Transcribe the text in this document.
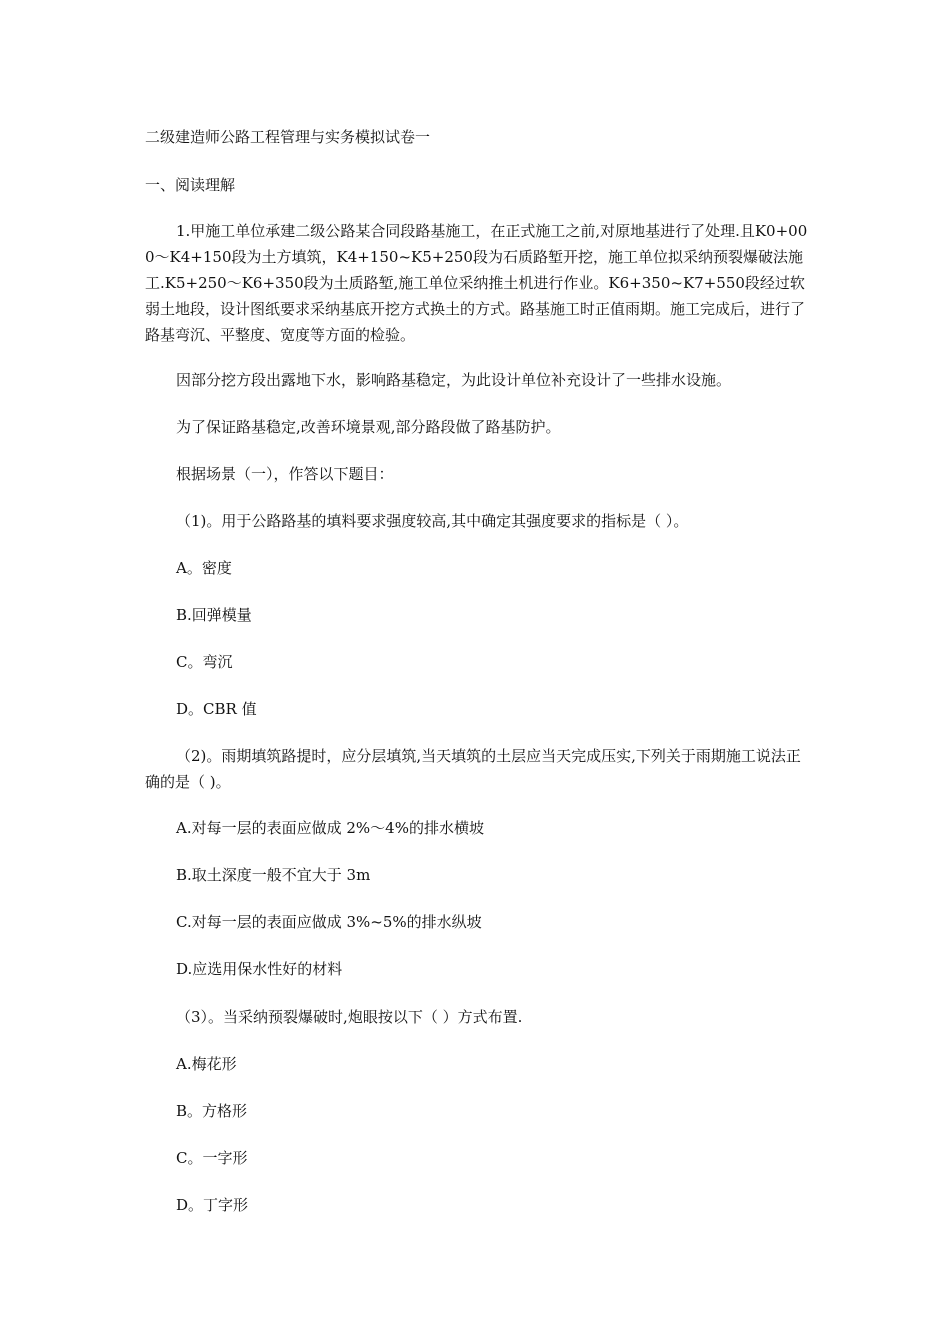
二级建造师公路工程管理与实务模拟试卷一
一、阅读理解
1.甲施工单位承建二级公路某合同段路基施工，在正式施工之前,对原地基进行了处理.且K0+000～K4+150段为土方填筑，K4+150~K5+250段为石质路堑开挖，施工单位拟采纳预裂爆破法施工.K5+250～K6+350段为土质路堑,施工单位采纳推土机进行作业。K6+350~K7+550段经过软弱土地段，设计图纸要求采纳基底开挖方式换土的方式。路基施工时正值雨期。施工完成后，进行了路基弯沉、平整度、宽度等方面的检验。
因部分挖方段出露地下水，影响路基稳定，为此设计单位补充设计了一些排水设施。
为了保证路基稳定,改善环境景观,部分路段做了路基防护。
根据场景（一），作答以下题目：
（1)。用于公路路基的填料要求强度较高,其中确定其强度要求的指标是（ ）。
A。密度
B.回弹模量
C。弯沉
D。CBR 值
（2)。雨期填筑路提时，应分层填筑,当天填筑的土层应当天完成压实,下列关于雨期施工说法正确的是（ )。
A.对每一层的表面应做成 2%～4%的排水横坡
B.取土深度一般不宜大于 3m
C.对每一层的表面应做成 3%~5%的排水纵坡
D.应选用保水性好的材料
（3）。当采纳预裂爆破时,炮眼按以下（ ）方式布置.
A.梅花形
B。方格形
C。一字形
D。丁字形
